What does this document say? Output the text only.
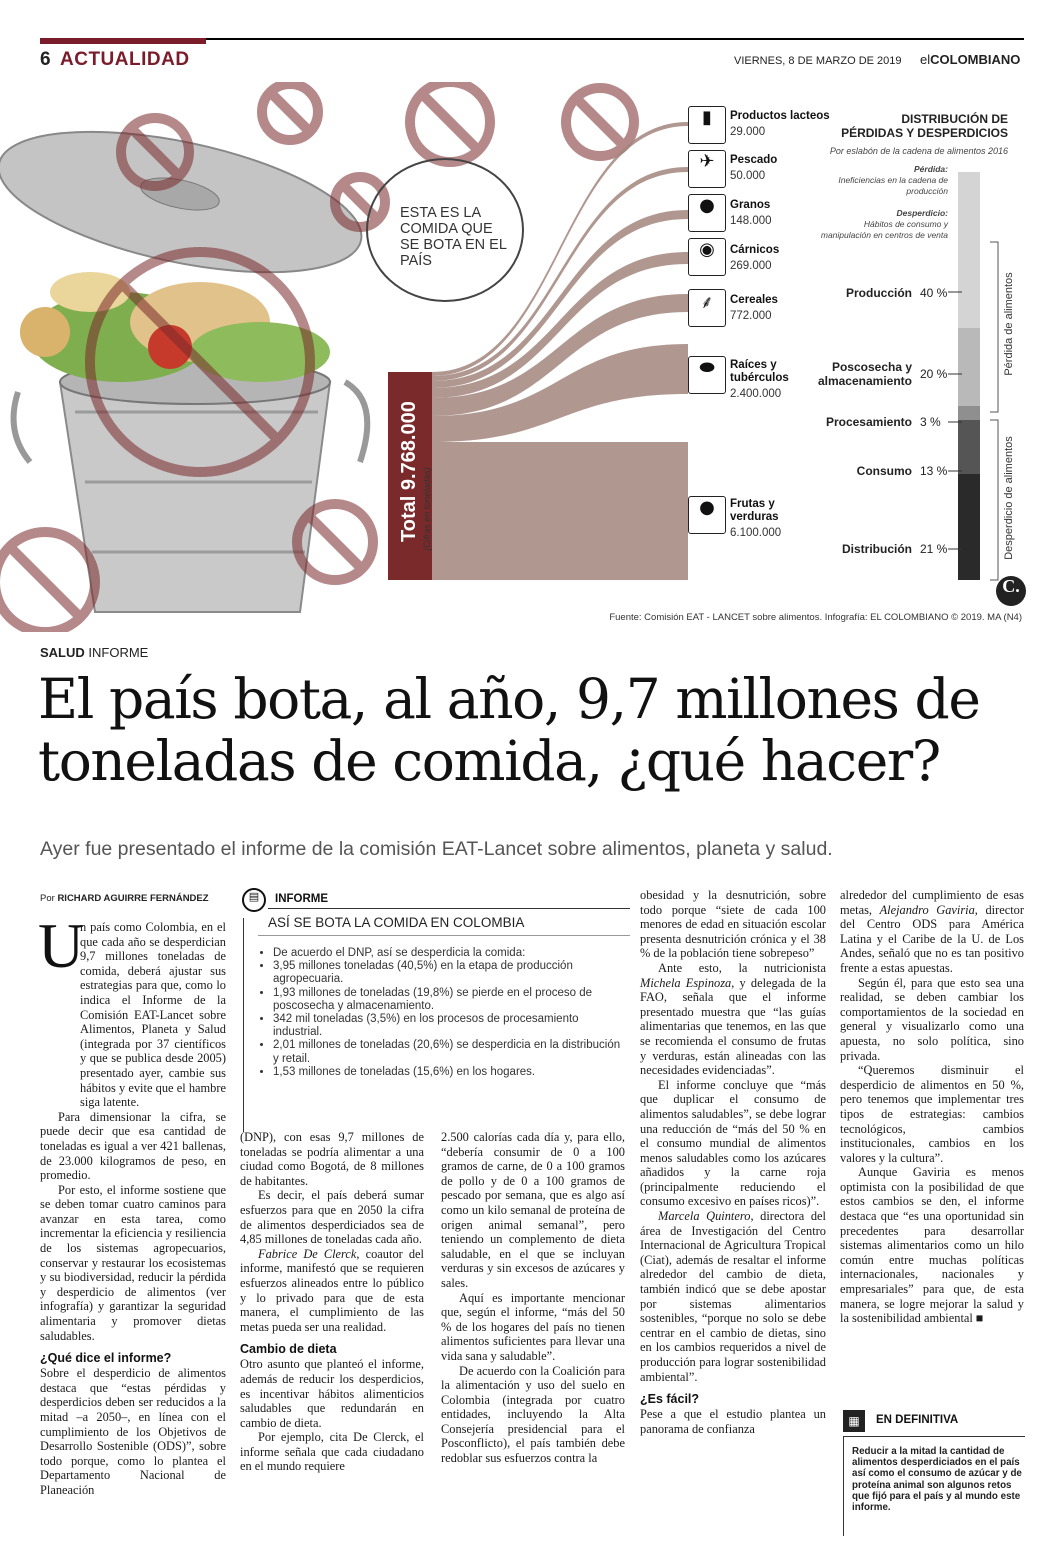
6 ACTUALIDAD	VIERNES, 8 DE MARZO DE 2019 elCOLOMBIANO
ESTA ES LA COMIDA QUE SE BOTA EN EL PAÍS
Total 9.768.000 (Cifras en toneladas)
▮	Productos lacteos
29.000
✈	Pescado
50.000
●	Granos
148.000
◉	Cárnicos
269.000
⸙	Cereales
772.000
⬬	Raíces y tubérculos
2.400.000
●	Frutas y verduras
6.100.000
DISTRIBUCIÓN DE PÉRDIDAS Y DESPERDICIOS
Por eslabón de la cadena de alimentos 2016
Pérdida:
Ineficiencias en la cadena de producción
Desperdicio:
Hábitos de consumo y manipulación en centros de venta
Producción 40 %
Poscosecha y almacenamiento 20 %
Procesamiento 3 %
Consumo 13 %
Distribución 21 %
Pérdida de alimentos
Desperdicio de alimentos
C.
Fuente: Comisión EAT - LANCET sobre alimentos. Infografía: EL COLOMBIANO © 2019. MA (N4)
SALUD INFORME
El país bota, al año, 9,7 millones de toneladas de comida, ¿qué hacer?
Ayer fue presentado el informe de la comisión EAT-Lancet sobre alimentos, planeta y salud.
Por RICHARD AGUIRRE FERNÁNDEZ
U

n país como Colombia, en el que cada año se desperdician 9,7 millones toneladas de comida, deberá ajustar sus estrategias para que, como lo indica el Informe de la Comisión EAT-Lancet sobre Alimentos, Planeta y Salud (integrada por 37 científicos y que se publica desde 2005) presentado ayer, cambie sus hábitos y evite que el hambre siga latente.

Para dimensionar la cifra, se puede decir que esa cantidad de toneladas es igual a ver 421 ballenas, de 23.000 kilogramos de peso, en promedio.

Por esto, el informe sostiene que se deben tomar cuatro caminos para avanzar en esta tarea, como incrementar la eficiencia y resiliencia de los sistemas agropecuarios, conservar y restaurar los ecosistemas y su biodiversidad, reducir la pérdida y desperdicio de alimentos (ver infografía) y garantizar la seguridad alimentaria y promover dietas saludables.

¿Qué dice el informe?

Sobre el desperdicio de alimentos destaca que “estas pérdidas y desperdicios deben ser reducidos a la mitad –a 2050–, en línea con el cumplimiento de los Objetivos de Desarrollo Sostenible (ODS)”, sobre todo porque, como lo plantea el Departamento Nacional de Planeación

▤	INFORME
ASÍ SE BOTA LA COMIDA EN COLOMBIA
• De acuerdo el DNP, así se desperdicia la comida:
• 3,95 millones toneladas (40,5%) en la etapa de producción agropecuaria.
• 1,93 millones de toneladas (19,8%) se pierde en el proceso de poscosecha y almacenamiento.
• 342 mil toneladas (3,5%) en los procesos de procesamiento industrial.
• 2,01 millones de toneladas (20,6%) se desperdicia en la distribución y retail.
• 1,53 millones de toneladas (15,6%) en los hogares.

(DNP), con esas 9,7 millones de toneladas se podría alimentar a una ciudad como Bogotá, de 8 millones de habitantes.

Es decir, el país deberá sumar esfuerzos para que en 2050 la cifra de alimentos desperdiciados sea de 4,85 millones de toneladas cada año.

Fabrice De Clerck, coautor del informe, manifestó que se requieren esfuerzos alineados entre lo público y lo privado para que de esta manera, el cumplimiento de las metas pueda ser una realidad.

Cambio de dieta

Otro asunto que planteó el informe, además de reducir los desperdicios, es incentivar hábitos alimenticios saludables que redundarán en cambio de dieta.

Por ejemplo, cita De Clerck, el informe señala que cada ciudadano en el mundo requiere

2.500 calorías cada día y, para ello, “debería consumir de 0 a 100 gramos de carne, de 0 a 100 gramos de pollo y de 0 a 100 gramos de pescado por semana, que es algo así como un kilo semanal de proteína de origen animal semanal”, pero teniendo un complemento de dieta saludable, en el que se incluyan verduras y sin excesos de azúcares y sales.

Aquí es importante mencionar que, según el informe, “más del 50 % de los hogares del país no tienen alimentos suficientes para llevar una vida sana y saludable”.

De acuerdo con la Coalición para la alimentación y uso del suelo en Colombia (integrada por cuatro entidades, incluyendo la Alta Consejería presidencial para el Posconflicto), el país también debe redoblar sus esfuerzos contra la

obesidad y la desnutrición, sobre todo porque “siete de cada 100 menores de edad en situación escolar presenta desnutrición crónica y el 38 % de la población tiene sobrepeso”

Ante esto, la nutricionista Michela Espinoza, y delegada de la FAO, señala que el informe presentado muestra que “las guías alimentarias que tenemos, en las que se recomienda el consumo de frutas y verduras, están alineadas con las necesidades evidenciadas”.

El informe concluye que “más que duplicar el consumo de alimentos saludables”, se debe lograr una reducción de “más del 50 % en el consumo mundial de alimentos menos saludables como los azúcares añadidos y la carne roja (principalmente reduciendo el consumo excesivo en países ricos)”.

Marcela Quintero, directora del área de Investigación del Centro Internacional de Agricultura Tropical (Ciat), además de resaltar el informe alrededor del cambio de dieta, también indicó que se debe apostar por sistemas alimentarios sostenibles, “porque no solo se debe centrar en el cambio de dietas, sino en los cambios requeridos a nivel de producción para lograr sostenibilidad ambiental”.

¿Es fácil?

Pese a que el estudio plantea un panorama de confianza

alrededor del cumplimiento de esas metas, Alejandro Gaviria, director del Centro ODS para América Latina y el Caribe de la U. de Los Andes, señaló que no es tan positivo frente a estas apuestas.

Según él, para que esto sea una realidad, se deben cambiar los comportamientos de la sociedad en general y visualizarlo como una apuesta, no solo política, sino privada.

“Queremos disminuir el desperdicio de alimentos en 50 %, pero tenemos que implementar tres tipos de estrategias: cambios tecnológicos, cambios institucionales, cambios en los valores y la cultura”.

Aunque Gaviria es menos optimista con la posibilidad de que estos cambios se den, el informe destaca que “es una oportunidad sin precedentes para desarrollar sistemas alimentarios como un hilo común entre muchas políticas internacionales, nacionales y empresariales” para que, de esta manera, se logre mejorar la salud y la sostenibilidad ambiental ■

▦	EN DEFINITIVA
Reducir a la mitad la cantidad de alimentos desperdiciados en el país así como el consumo de azúcar y de proteína animal son algunos retos que fijó para el país y al mundo este informe.
